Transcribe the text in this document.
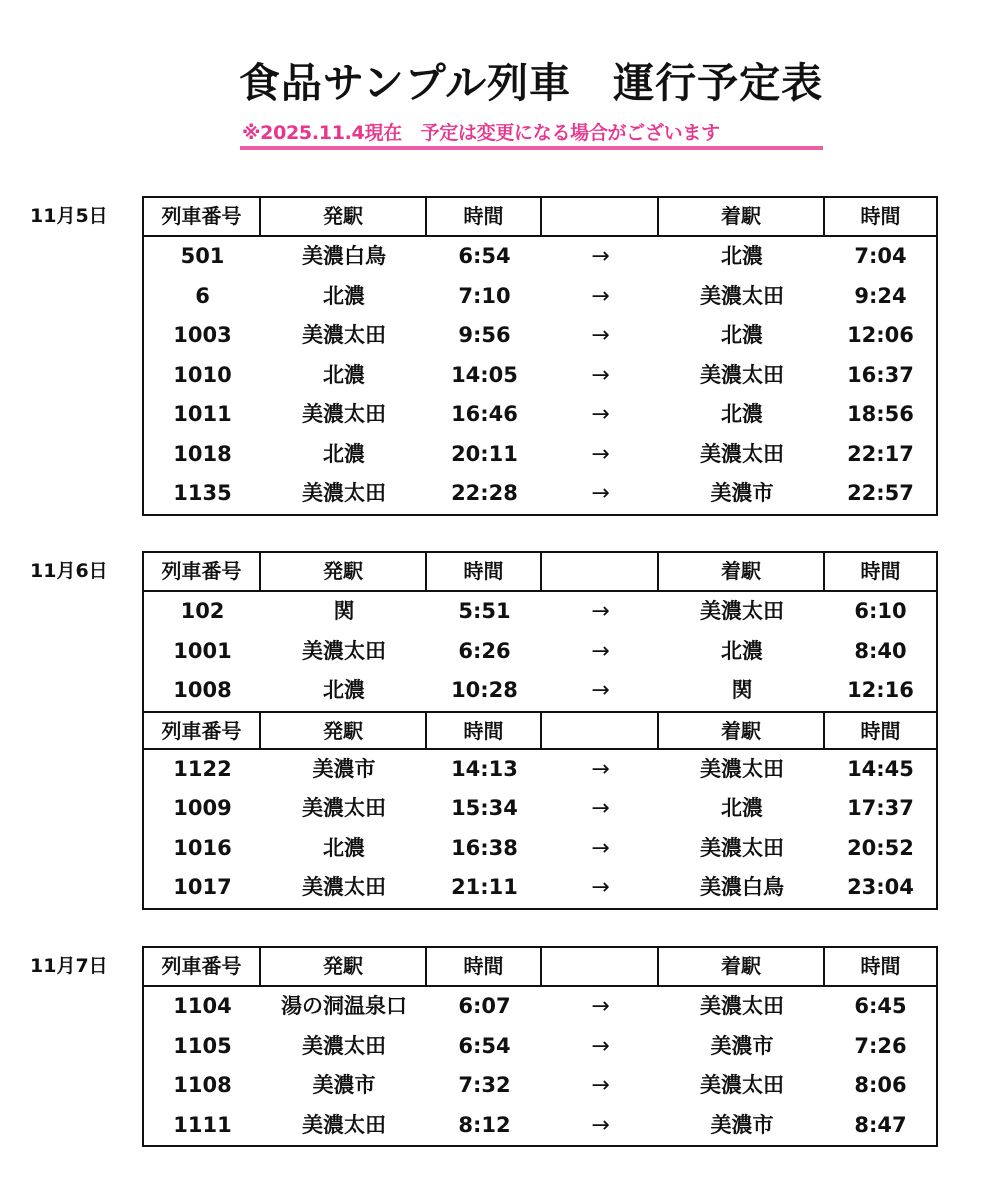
食品サンプル列車　運行予定表
※2025.11.4現在　予定は変更になる場合がございます
11月5日	列車番号	発駅	時間	着駅	時間
501	美濃白鳥	6:54	→	北濃	7:04
6	北濃	7:10	→	美濃太田	9:24
1003	美濃太田	9:56	→	北濃	12:06
1010	北濃	14:05	→	美濃太田	16:37
1011	美濃太田	16:46	→	北濃	18:56
1018	北濃	20:11	→	美濃太田	22:17
1135	美濃太田	22:28	→	美濃市	22:57
11月6日	列車番号	発駅	時間	着駅	時間
102	関	5:51	→	美濃太田	6:10
1001	美濃太田	6:26	→	北濃	8:40
1008	北濃	10:28	→	関	12:16
列車番号	発駅	時間	着駅	時間
1122	美濃市	14:13	→	美濃太田	14:45
1009	美濃太田	15:34	→	北濃	17:37
1016	北濃	16:38	→	美濃太田	20:52
1017	美濃太田	21:11	→	美濃白鳥	23:04
11月7日	列車番号	発駅	時間	着駅	時間
1104	湯の洞温泉口	6:07	→	美濃太田	6:45
1105	美濃太田	6:54	→	美濃市	7:26
1108	美濃市	7:32	→	美濃太田	8:06
1111	美濃太田	8:12	→	美濃市	8:47
